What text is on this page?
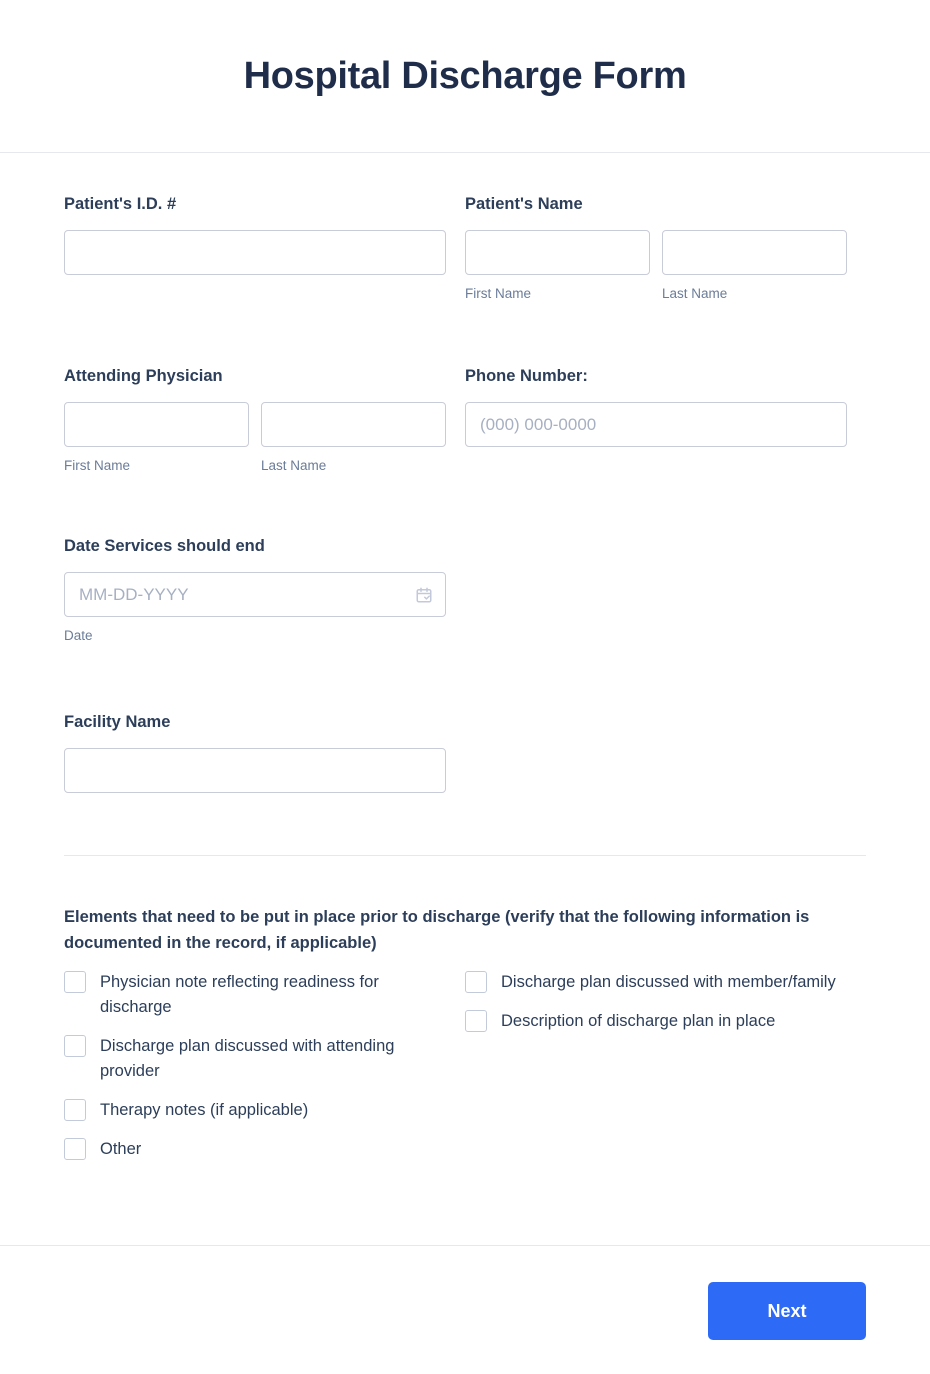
Hospital Discharge Form
Patient's I.D. #	Patient's Name
First Name	Last Name
Attending Physician
First Name	Last Name
Phone Number:
(000) 000-0000
Date Services should end
MM-DD-YYYY
Date
Facility Name

Elements that need to be put in place prior to discharge (verify that the following information is documented in the record, if applicable)

Physician note reflecting readiness for discharge
Discharge plan discussed with attending provider
Therapy notes (if applicable)
Other
Discharge plan discussed with member/family
Description of discharge plan in place
Next
